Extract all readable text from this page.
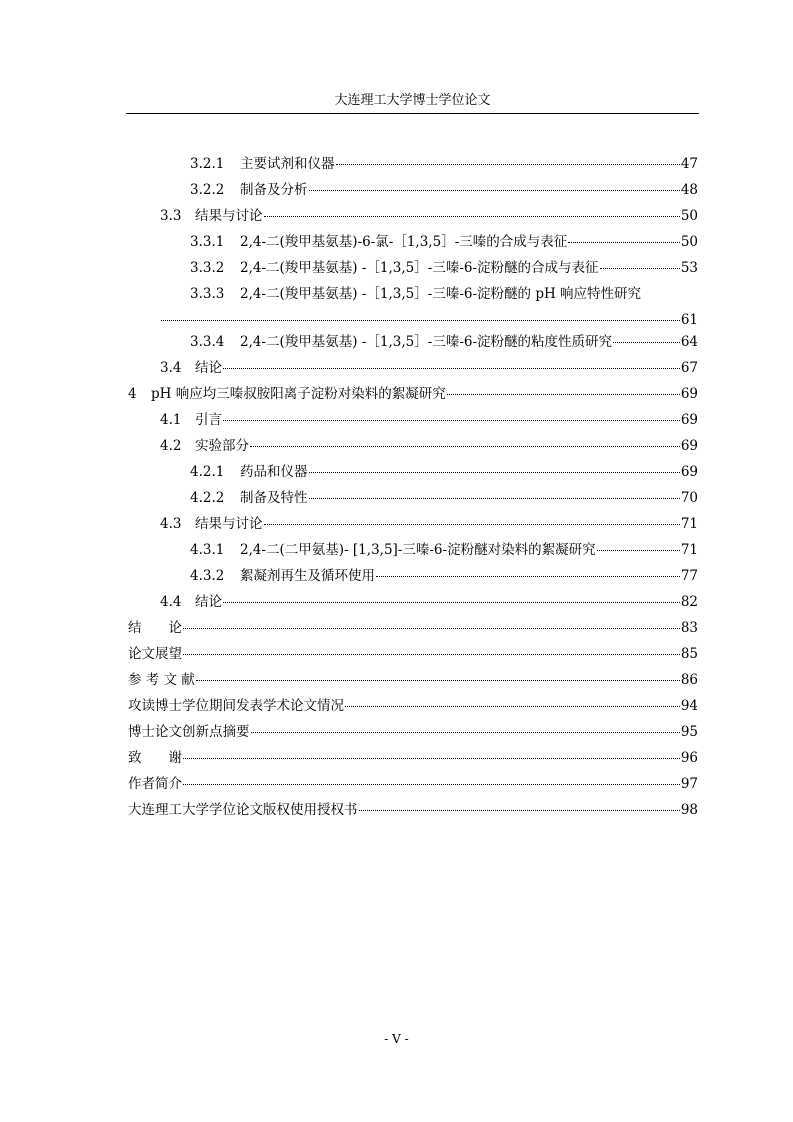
大连理工大学博士学位论文
3.2.1	主要试剂和仪器	47
3.2.2	制备及分析	48
3.3	结果与讨论	50
3.3.1	2,4-二(羧甲基氨基)-6-氯-［1,3,5］-三嗪的合成与表征	50
3.3.2	2,4-二(羧甲基氨基) -［1,3,5］-三嗪-6-淀粉醚的合成与表征	53
3.3.3 2,4-二(羧甲基氨基) -［1,3,5］-三嗪-6-淀粉醚的 pH 响应特性研究
61
3.3.4	2,4-二(羧甲基氨基) -［1,3,5］-三嗪-6-淀粉醚的粘度性质研究	64
3.4	结论	67
4	pH 响应均三嗪叔胺阳离子淀粉对染料的絮凝研究	69
4.1	引言	69
4.2	实验部分	69
4.2.1	药品和仪器	69
4.2.2	制备及特性	70
4.3	结果与讨论	71
4.3.1	2,4-二(二甲氨基)- [1,3,5]-三嗪-6-淀粉醚对染料的絮凝研究	71
4.3.2	絮凝剂再生及循环使用	77
4.4	结论	82
结　　论	83
论文展望	85
参 考 文 献	86
攻读博士学位期间发表学术论文情况	94
博士论文创新点摘要	95
致　　谢	96
作者简介	97
大连理工大学学位论文版权使用授权书	98
- V -
